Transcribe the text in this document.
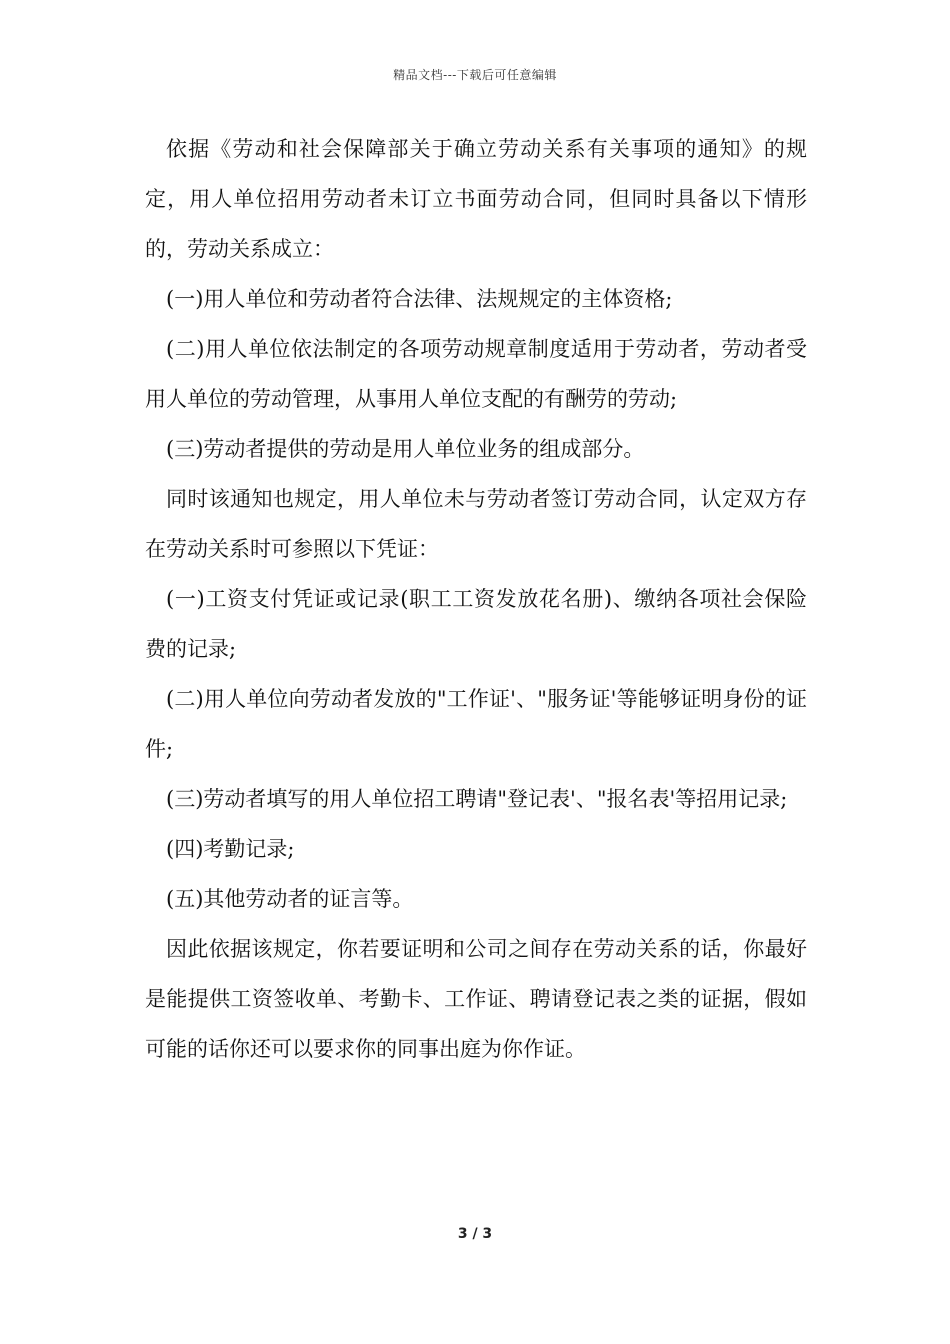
精品文档---下载后可任意编辑

依据《劳动和社会保障部关于确立劳动关系有关事项的通知》的规定，用人单位招用劳动者未订立书面劳动合同，但同时具备以下情形的，劳动关系成立：

(一)用人单位和劳动者符合法律、法规规定的主体资格;

(二)用人单位依法制定的各项劳动规章制度适用于劳动者，劳动者受用人单位的劳动管理，从事用人单位支配的有酬劳的劳动;

(三)劳动者提供的劳动是用人单位业务的组成部分。

同时该通知也规定，用人单位未与劳动者签订劳动合同，认定双方存在劳动关系时可参照以下凭证：

(一)工资支付凭证或记录(职工工资发放花名册)、缴纳各项社会保险费的记录;

(二)用人单位向劳动者发放的"工作证'、"服务证'等能够证明身份的证件;

(三)劳动者填写的用人单位招工聘请"登记表'、"报名表'等招用记录;

(四)考勤记录;

(五)其他劳动者的证言等。

因此依据该规定，你若要证明和公司之间存在劳动关系的话，你最好是能提供工资签收单、考勤卡、工作证、聘请登记表之类的证据，假如可能的话你还可以要求你的同事出庭为你作证。

3 / 3
